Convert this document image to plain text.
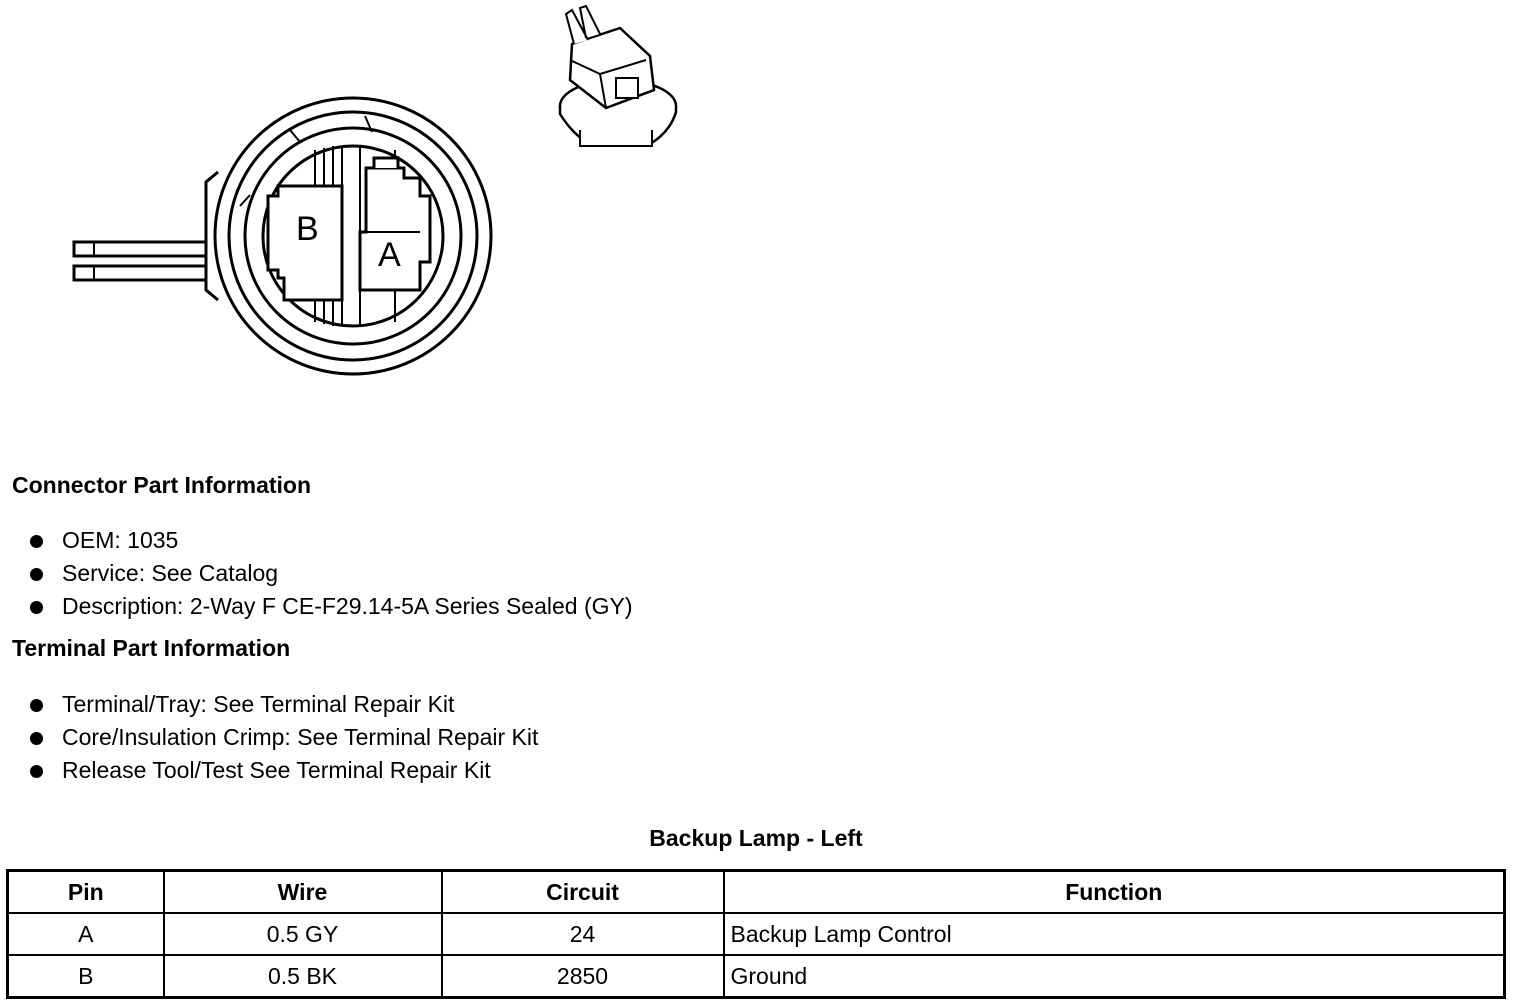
B
A
Connector Part Information
OEM: 1035
Service: See Catalog
Description: 2-Way F CE-F29.14-5A Series Sealed (GY)
Terminal Part Information
Terminal/Tray: See Terminal Repair Kit
Core/Insulation Crimp: See Terminal Repair Kit
Release Tool/Test See Terminal Repair Kit
Backup Lamp - Left
Pin	Wire	Circuit	Function
A	0.5 GY	24	Backup Lamp Control
B	0.5 BK	2850	Ground
